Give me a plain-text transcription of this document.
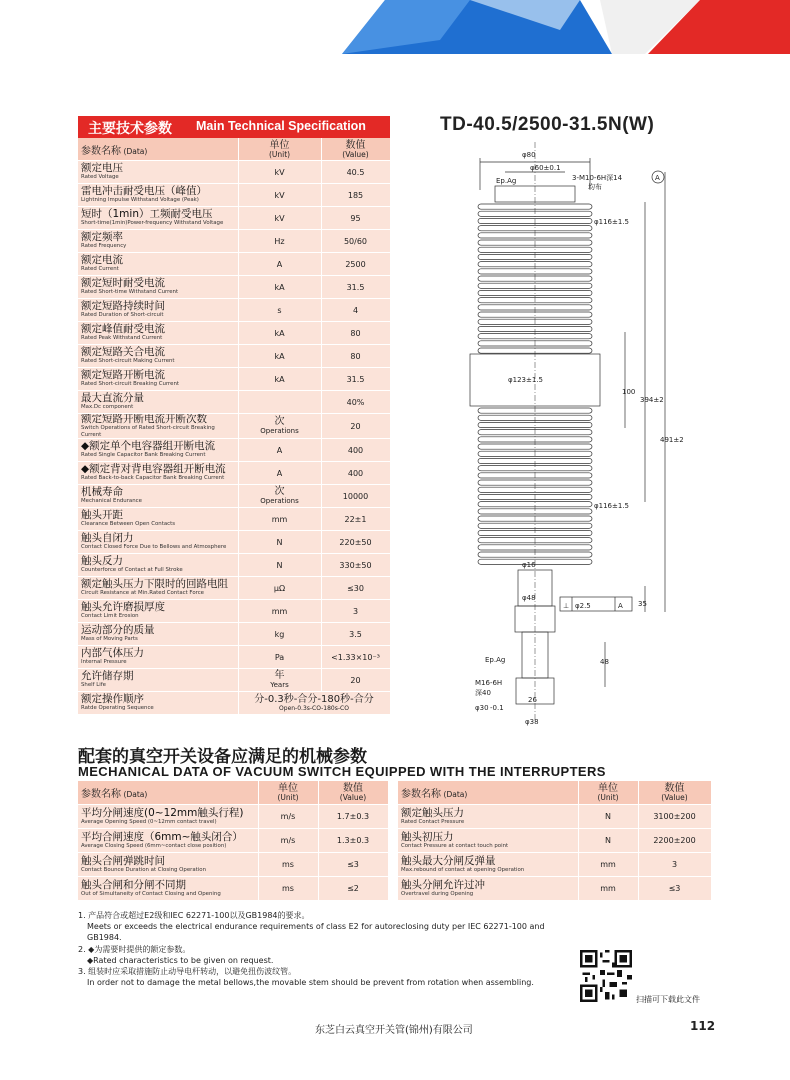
TD-40.5/2500-31.5N(W)
主要技术参数 Main Technical Specification
参数名称 (Data)	单位
(Unit)	数值
(Value)

额定电压
Rated Voltage	kV	40.5

雷电冲击耐受电压（峰值）
Lightning Impulse Withstand Voltage (Peak)	kV	185

短时（1min）工频耐受电压
Short-time(1min)Power-frequency Withstand Voltage	kV	95

额定频率
Rated Frequency	Hz	50/60

额定电流
Rated Current	A	2500

额定短时耐受电流
Rated Short-time Withstand Current	kA	31.5

额定短路持续时间
Rated Duration of Short-circuit	s	4

额定峰值耐受电流
Rated Peak Withstand Current	kA	80

额定短路关合电流
Rated Short-circuit Making Current	kA	80

额定短路开断电流
Rated Short-circuit Breaking Current	kA	31.5

最大直流分量
Max.Dc component		40%

额定短路开断电流开断次数
Switch Operations of Rated Short-circuit Breaking Current	次
Operations	20

◆额定单个电容器组开断电流
Rated Single Capacitor Bank Breaking Current	A	400

◆额定背对背电容器组开断电流
Rated Back-to-back Capacitor Bank Breaking Current	A	400

机械寿命
Mechanical Endurance	次
Operations	10000

触头开距
Clearance Between Open Contacts	mm	22±1

触头自闭力
Contact Closed Force Due to Bellows and Atmosphere	N	220±50

触头反力
Counterforce of Contact at Full Stroke	N	330±50

额定触头压力下限时的回路电阻
Circuit Resistance at Min.Rated Contact Force	μΩ	≤30

触头允许磨损厚度
Contact Limit Erosion	mm	3

运动部分的质量
Mass of Moving Parts	kg	3.5

内部气体压力
Internal Pressure	Pa	<1.33×10⁻³

允许储存期
Shelf Life	年
Years	20

额定操作顺序
Ratde Operating Sequence	分-0.3秒-合分-180秒-合分
Open-0.3s-CO-180s-CO	
φ80
φ60±0.1
3-M10-6H深14
均布
Ep.Ag	A
φ116±1.5
φ123±1.5
100
394±2
491±2
φ116±1.5
φ16
φ48
⊥ φ2.5	A 35
48
Ep.Ag
M16-6H
深40
26
φ30 -0.1
φ38
配套的真空开关设备应满足的机械参数
MECHANICAL DATA OF VACUUM SWITCH EQUIPPED WITH THE INTERRUPTERS
参数名称 (Data)	单位
(Unit)	数值
(Value)		参数名称 (Data)	单位
(Unit)	数值
(Value)

平均分闸速度(0~12mm触头行程)
Average Opening Speed (0~12mm contact travel)	m/s	1.7±0.3		额定触头压力
Rated Contact Pressure	N	3100±200

平均合闸速度（6mm~触头闭合）
Average Closing Speed (6mm~contact close position)	m/s	1.3±0.3		触头初压力
Contact Pressure at contact touch point	N	2200±200

触头合闸弹跳时间
Contact Bounce Duration at Closing Operation	ms	≤3		触头最大分闸反弹量
Max.rebound of contact at opening Operation	mm	3

触头合闸和分闸不同期
Out of Simultaneity of Contact Closing and Opening	ms	≤2		触头分闸允许过冲
Overtravel during Opening	mm	≤3
1. 产品符合或超过E2级和IEC 62271-100以及GB1984的要求。
Meets or exceeds the electrical endurance requirements of class E2 for autoreclosing duty per IEC 62271-100 and GB1984.
2. ◆为需要时提供的额定参数。
◆Rated characteristics to be given on request.
3. 组装时应采取措施防止动导电杆转动，以避免扭伤波纹管。
In order not to damage the metal bellows,the movable stem should be prevent from rotation when assembling.
扫描可下载此文件
东芝白云真空开关管(锦州)有限公司	112
